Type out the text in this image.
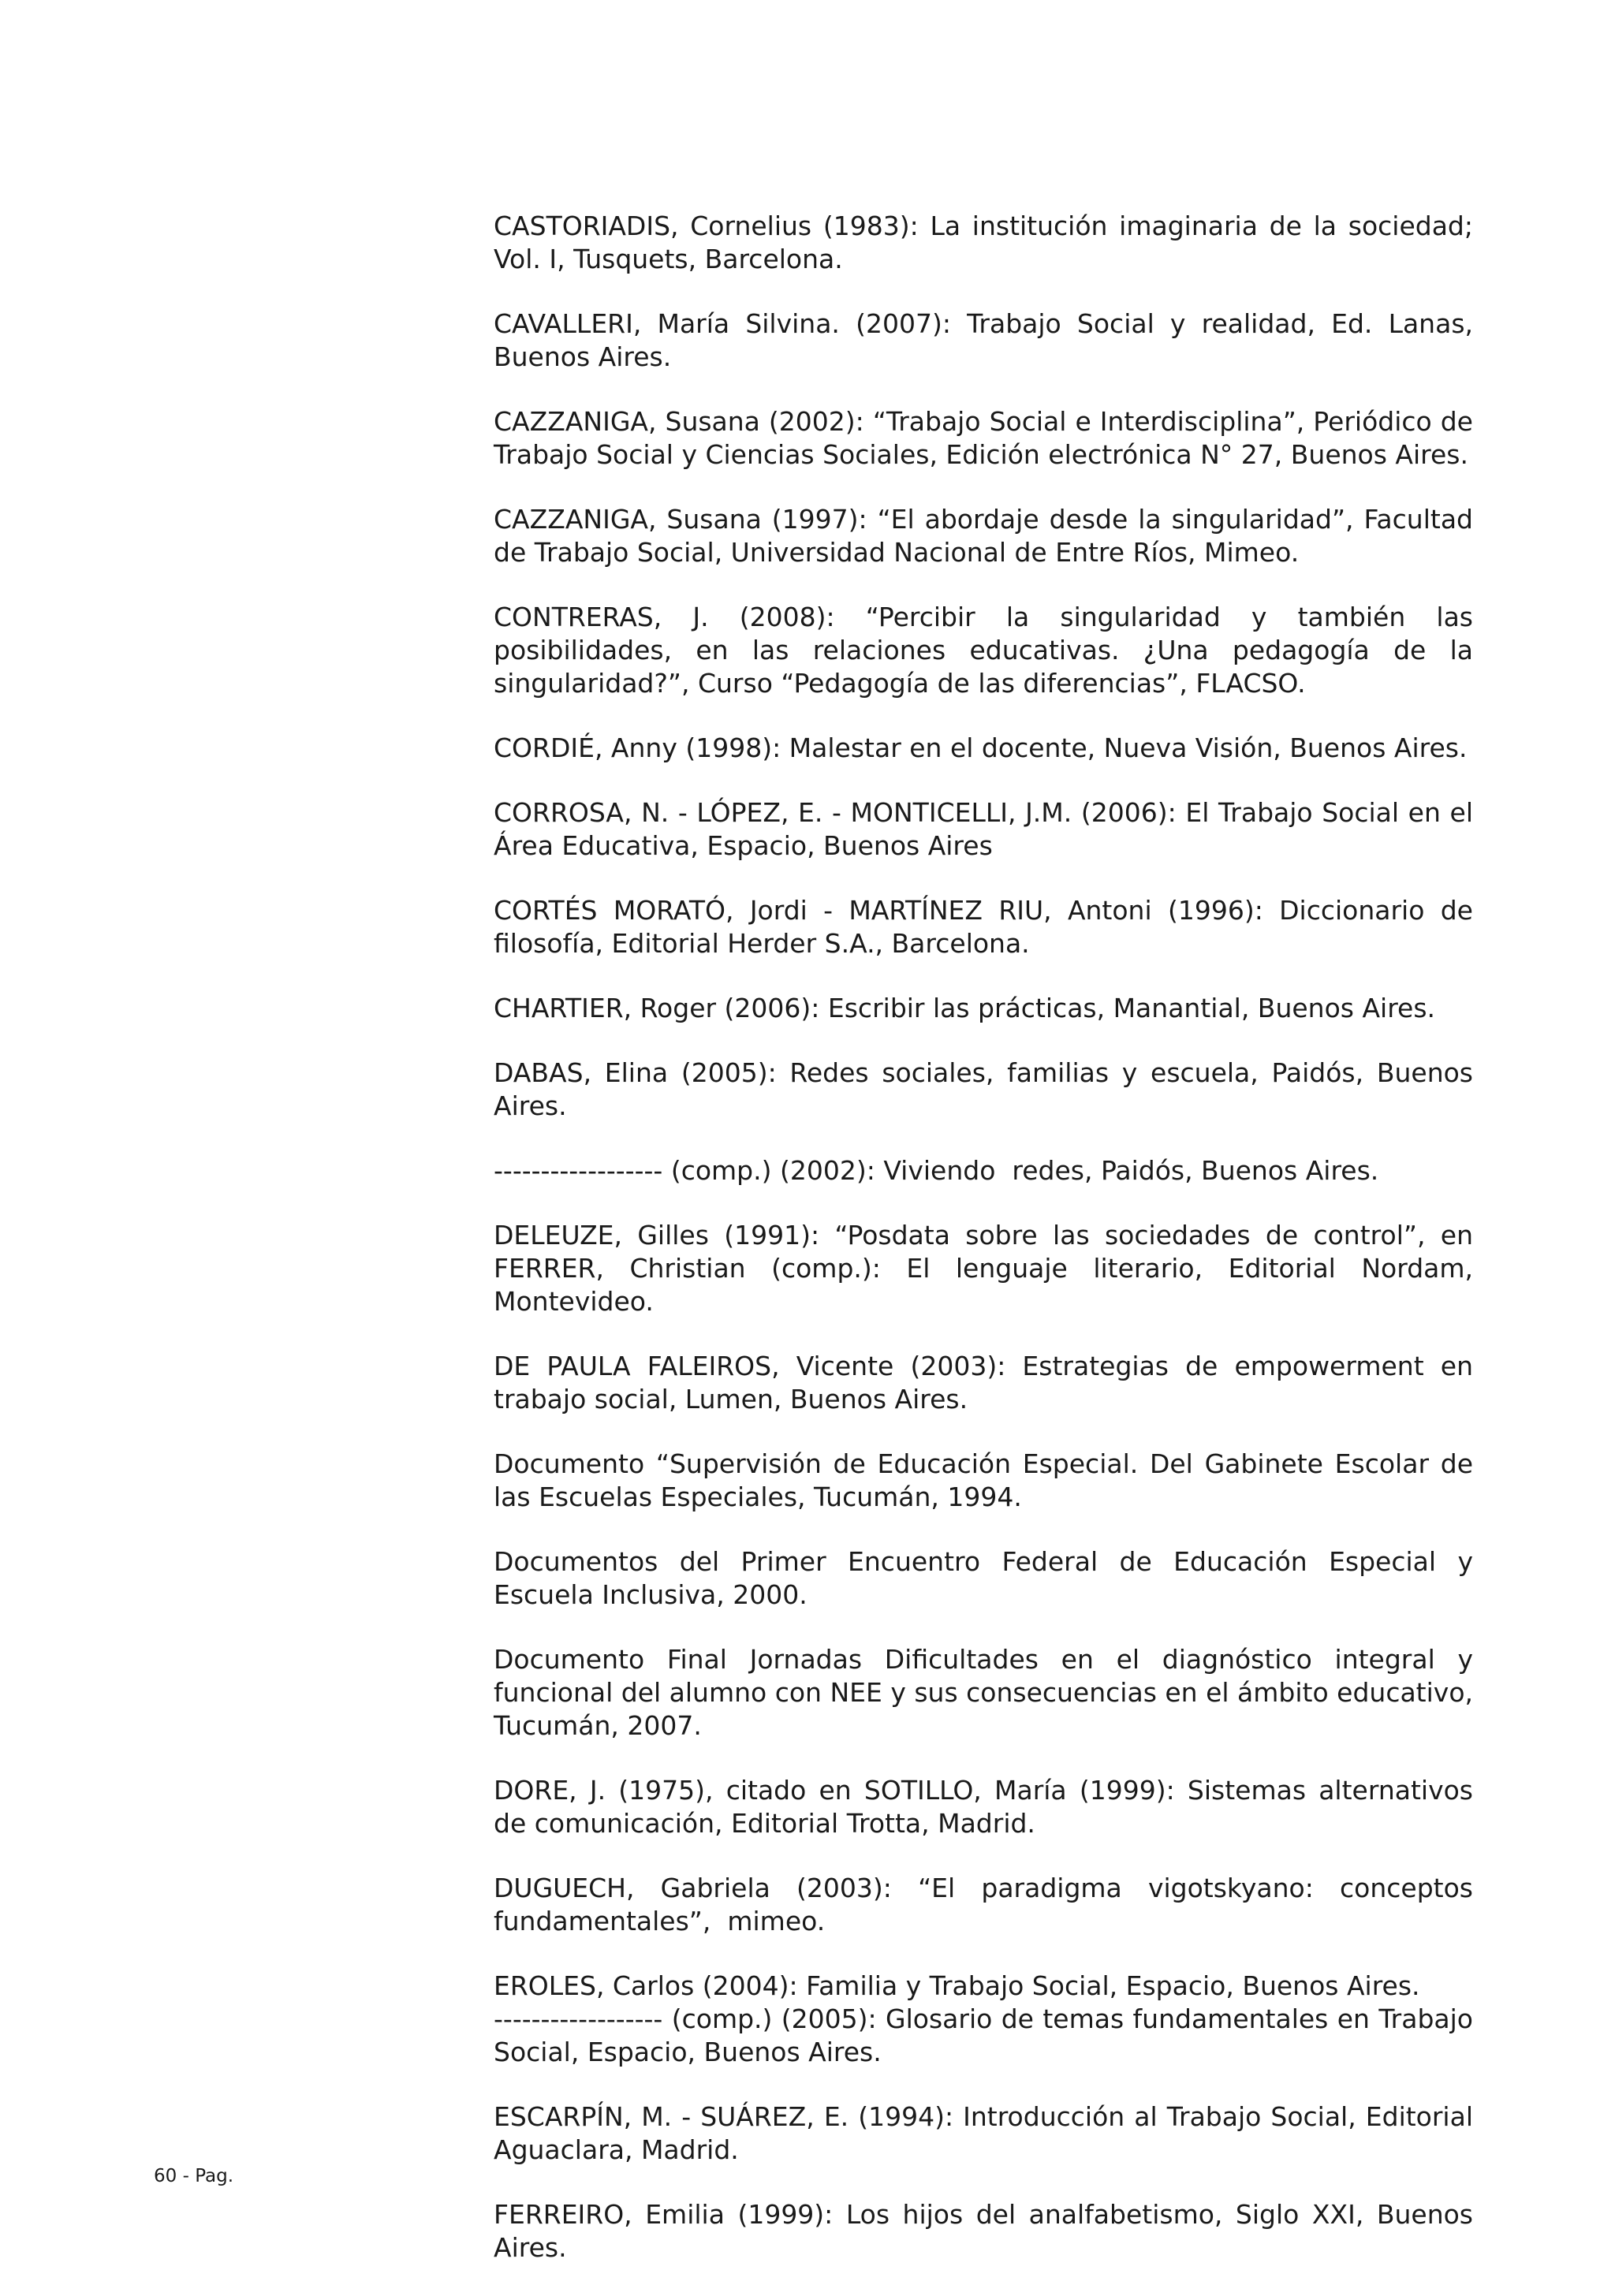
CASTORIADIS, Cornelius (1983): La institución imaginaria de la sociedad; Vol. I, Tusquets, Barcelona.

CAVALLERI, María Silvina. (2007): Trabajo Social y realidad, Ed. Lanas, Buenos Aires.

CAZZANIGA, Susana (2002): “Trabajo Social e Interdisciplina”, Periódico de Trabajo Social y Ciencias Sociales, Edición electrónica N° 27, Buenos Aires.

CAZZANIGA, Susana (1997): “El abordaje desde la singularidad”, Facultad de Trabajo Social, Universidad Nacional de Entre Ríos, Mimeo.

CONTRERAS, J. (2008): “Percibir la singularidad y también las posibilidades, en las relaciones educativas. ¿Una pedagogía de la singularidad?”, Curso “Pedagogía de las diferencias”, FLACSO.

CORDIÉ, Anny (1998): Malestar en el docente, Nueva Visión, Buenos Aires.

CORROSA, N. - LÓPEZ, E. - MONTICELLI, J.M. (2006): El Trabajo Social en el Área Educativa, Espacio, Buenos Aires

CORTÉS MORATÓ, Jordi - MARTÍNEZ RIU, Antoni (1996): Diccionario de filosofía, Editorial Herder S.A., Barcelona.

CHARTIER, Roger (2006): Escribir las prácticas, Manantial, Buenos Aires.

DABAS, Elina (2005): Redes sociales, familias y escuela, Paidós, Buenos Aires.

------------------ (comp.) (2002): Viviendo  redes, Paidós, Buenos Aires.

DELEUZE, Gilles (1991): “Posdata sobre las sociedades de control”, en FERRER, Christian (comp.): El lenguaje literario, Editorial Nordam, Montevideo.

DE PAULA FALEIROS, Vicente (2003): Estrategias de empowerment en trabajo social, Lumen, Buenos Aires.

Documento “Supervisión de Educación Especial. Del Gabinete Escolar de las Escuelas Especiales, Tucumán, 1994.

Documentos del Primer Encuentro Federal de Educación Especial y Escuela Inclusiva, 2000.

Documento Final Jornadas Dificultades en el diagnóstico integral y funcional del alumno con NEE y sus consecuencias en el ámbito educativo, Tucumán, 2007.

DORE, J. (1975), citado en SOTILLO, María (1999): Sistemas alternativos de comunicación, Editorial Trotta, Madrid.

DUGUECH, Gabriela (2003): “El paradigma vigotskyano: conceptos fundamentales”,  mimeo.

EROLES, Carlos (2004): Familia y Trabajo Social, Espacio, Buenos Aires.

------------------ (comp.) (2005): Glosario de temas fundamentales en Trabajo Social, Espacio, Buenos Aires.

ESCARPÍN, M. - SUÁREZ, E. (1994): Introducción al Trabajo Social, Editorial Aguaclara, Madrid.

FERREIRO, Emilia (1999): Los hijos del analfabetismo, Siglo XXI, Buenos Aires.

60 - Pag.
